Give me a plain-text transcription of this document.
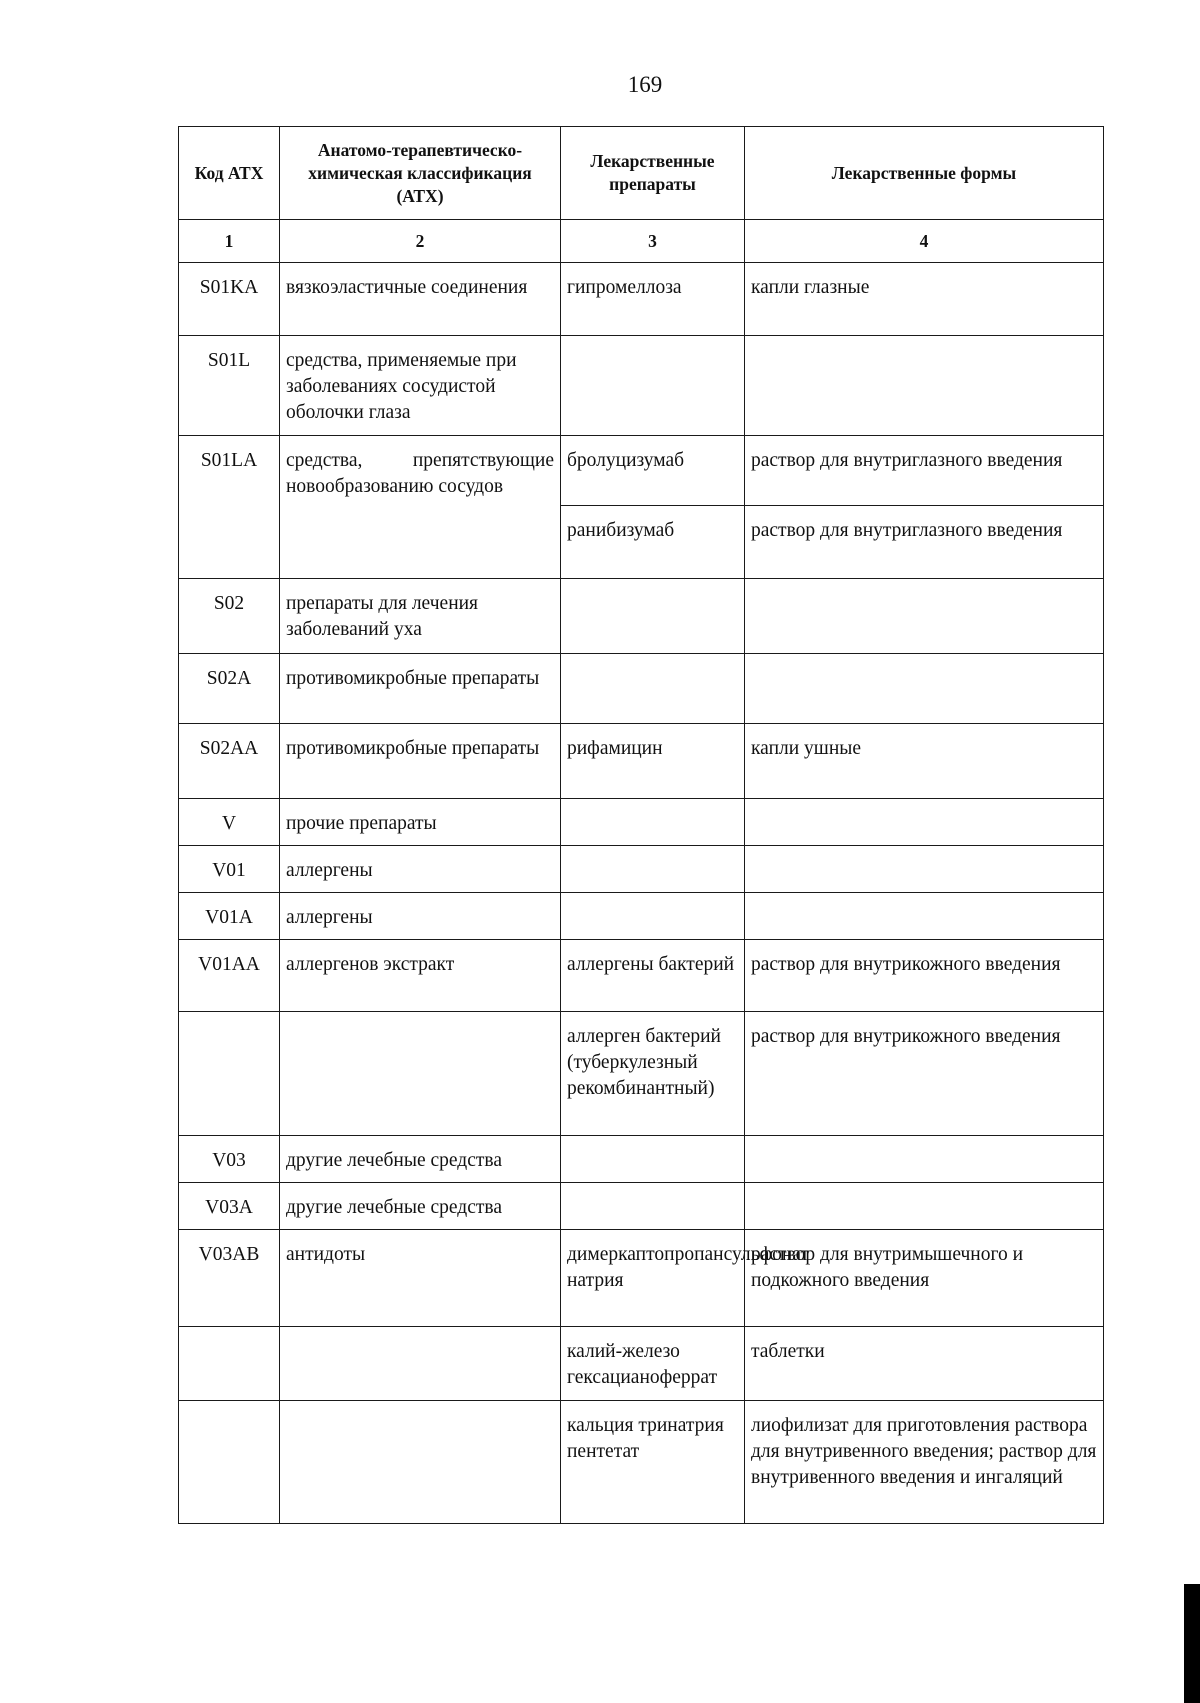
169
Код АТХ	Анатомо-терапевтическо-химическая классификация (АТХ)	Лекарственные препараты	Лекарственные формы
1	2	3	4
S01KA	вязкоэластичные соединения	гипромеллоза	капли глазные
S01L	средства, применяемые при заболеваниях сосудистой оболочки глаза		
S01LA	средства, препятствующие новообразованию сосудов	бролуцизумаб	раствор для внутриглазного введения
		ранибизумаб	раствор для внутриглазного введения
S02	препараты для лечения заболеваний уха		
S02A	противомикробные препараты		
S02AA	противомикробные препараты	рифамицин	капли ушные
V	прочие препараты		
V01	аллергены		
V01A	аллергены		
V01AA	аллергенов экстракт	аллергены бактерий	раствор для внутрикожного введения
		аллерген бактерий (туберкулезный рекомбинантный)	раствор для внутрикожного введения
V03	другие лечебные средства		
V03A	другие лечебные средства		
V03AB	антидоты	димеркаптопропансульфонат натрия	раствор для внутримышечного и подкожного введения
		калий-железо гексацианоферрат	таблетки
		кальция тринатрия пентетат	лиофилизат для приготовления раствора для внутривенного введения; раствор для внутривенного введения и ингаляций
